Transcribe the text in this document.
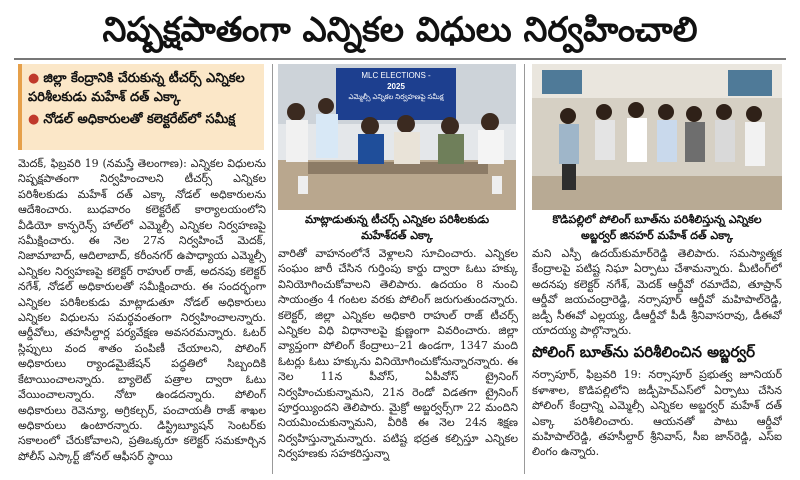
నిష్పక్షపాతంగా ఎన్నికల విధులు నిర్వహించాలి
● జిల్లా కేంద్రానికి చేరుకున్న టీచర్స్ ఎన్నికల పరిశీలకుడు మహేశ్ దత్ ఎక్కా
● నోడల్ అధికారులతో కలెక్టరేట్‌లో సమీక్ష

మెదక్, ఫిబ్రవరి 19 (నమస్తే తెలంగాణ): ఎన్నికల విధులను నిష్పక్షపాతంగా నిర్వహించాలని టీచర్స్ ఎన్నికల పరిశీలకుడు మహేశ్ దత్ ఎక్కా నోడల్ అధికారులను ఆదేశించారు. బుధవారం కలెక్టరేట్ కార్యాలయంలోని వీడియో కాన్ఫరెన్స్ హాల్‌లో ఎమ్మెల్సీ ఎన్నికల నిర్వహణపై సమీక్షించారు. ఈ నెల 27న నిర్వహించే మెదక్, నిజామాబాద్, ఆదిలాబాద్, కరీంనగర్ ఉపాధ్యాయ ఎమ్మెల్సీ ఎన్నికల నిర్వహణపై కలెక్టర్ రాహుల్ రాజ్, అదనపు కలెక్టర్ నగేశ్, నోడల్ అధికారులతో సమీక్షించారు. ఈ సందర్భంగా ఎన్నికల పరిశీలకుడు మాట్లాడుతూ నోడల్ అధికారులు ఎన్నికల విధులను సమర్థవంతంగా నిర్వహించాలన్నారు. ఆర్డీవోలు, తహసీల్దార్ల పర్యవేక్షణ అవసరమన్నారు. ఓటర్ స్లిప్పులు వంద శాతం పంపిణీ చేయాలని, పోలింగ్ అధికారులు ర్యాండమైజేషన్ పద్ధతిలో సిబ్బందికి కేటాయించాలన్నారు. బ్యాలెట్ పత్రాల ద్వారా ఓటు వేయించాలన్నారు. నోటా ఉండదన్నారు. పోలింగ్ అధికారులు రెవెన్యూ, అగ్రికల్చర్, పంచాయతీ రాజ్ శాఖల అధికారులు ఉంటారన్నారు. డిస్ట్రిబ్యూషన్ సెంటర్‌కు సకాలంలో చేరుకోవాలని, ప్రతిఒక్కరూ కలెక్టర్ సమకూర్చిన పోలీస్ ఎస్కార్ట్ జోనల్ ఆఫీసర్ స్థాయి

MLC ELECTIONS -
2025
ఎమ్మెల్సీ ఎన్నికల నిర్వహణపై సమీక్ష
మాట్లాడుతున్న టీచర్స్ ఎన్నికల పరిశీలకుడు మహేశ్‌దత్ ఎక్కా
కొడిపల్లిలో పోలింగ్ బూత్‌ను పరిశీలిస్తున్న ఎన్నికల అబ్జర్వర్ జినహర్ మహేశ్ దత్ ఎక్కా

వారితో వాహనంలోనే వెళ్లాలని సూచించారు. ఎన్నికల సంఘం జారీ చేసిన గుర్తింపు కార్డు ద్వారా ఓటు హక్కు వినియోగించుకోవాలని తెలిపారు. ఉదయం 8 నుంచి సాయంత్రం 4 గంటల వరకు పోలింగ్ జరుగుతుందన్నారు. కలెక్టర్, జిల్లా ఎన్నికల అధికారి రాహుల్ రాజ్ టీచర్స్ ఎన్నికల విధి విధానాలపై క్షుణ్ణంగా వివరించారు. జిల్లా వ్యాప్తంగా పోలింగ్ కేంద్రాలు–21 ఉండగా, 1347 మంది ఓటర్లు ఓటు హక్కును వినియోగించుకోనున్నారన్నారు. ఈ నెల 11న పీవోస్, ఏపీవోస్ ట్రైనింగ్ నిర్వహించుకున్నామని, 21న రెండో విడతగా ట్రైనింగ్ పూర్తయ్యిందని తెలిపారు. మైక్రో అబ్జర్వర్స్‌గా 22 మందిని నియమించుకున్నామని, వీరికి ఈ నెల 24న శిక్షణ నిర్వహిస్తున్నామన్నారు. పటిష్ట భద్రత కల్పిస్తూ ఎన్నికల నిర్వహణకు సహకరిస్తున్నా

మని ఎస్పీ ఉదయ్‌కుమార్‌రెడ్డి తెలిపారు. సమస్యాత్మక కేంద్రాలపై పటిష్ట నిఘా ఏర్పాటు చేశామన్నారు. మీటింగ్‌లో అదనపు కలెక్టర్ నగేశ్, మెదక్ ఆర్డీవో రమాదేవి, తూప్రాన్ ఆర్డీవో జయచంద్రారెడ్డి, నర్సాపూర్ ఆర్డీవో మహిపాల్‌రెడ్డి, జడ్పీ సీఈవో ఎల్లయ్య, డీఆర్డీవో పీడీ శ్రీనివాసరావు, డీఈవో యాదయ్య పాల్గొన్నారు.

పోలింగ్ బూత్‌ను పరిశీలించిన అబ్జర్వర్

నర్సాపూర్, ఫిబ్రవరి 19: నర్సాపూర్ ప్రభుత్వ జూనియర్ కళాశాల, కొడిపల్లిలోని జడ్పీహెచ్ఎస్‌లో ఏర్పాటు చేసిన పోలింగ్ కేంద్రాన్ని ఎమ్మెల్సీ ఎన్నికల అబ్జర్వర్ మహేశ్ దత్ ఎక్కా పరిశీలించారు. ఆయనతో పాటు ఆర్డీవో మహిపాల్‌రెడ్డి, తహసీల్దార్ శ్రీనివాస్, సీఐ జాన్‌రెడ్డి, ఎస్ఐ లింగం ఉన్నారు.
